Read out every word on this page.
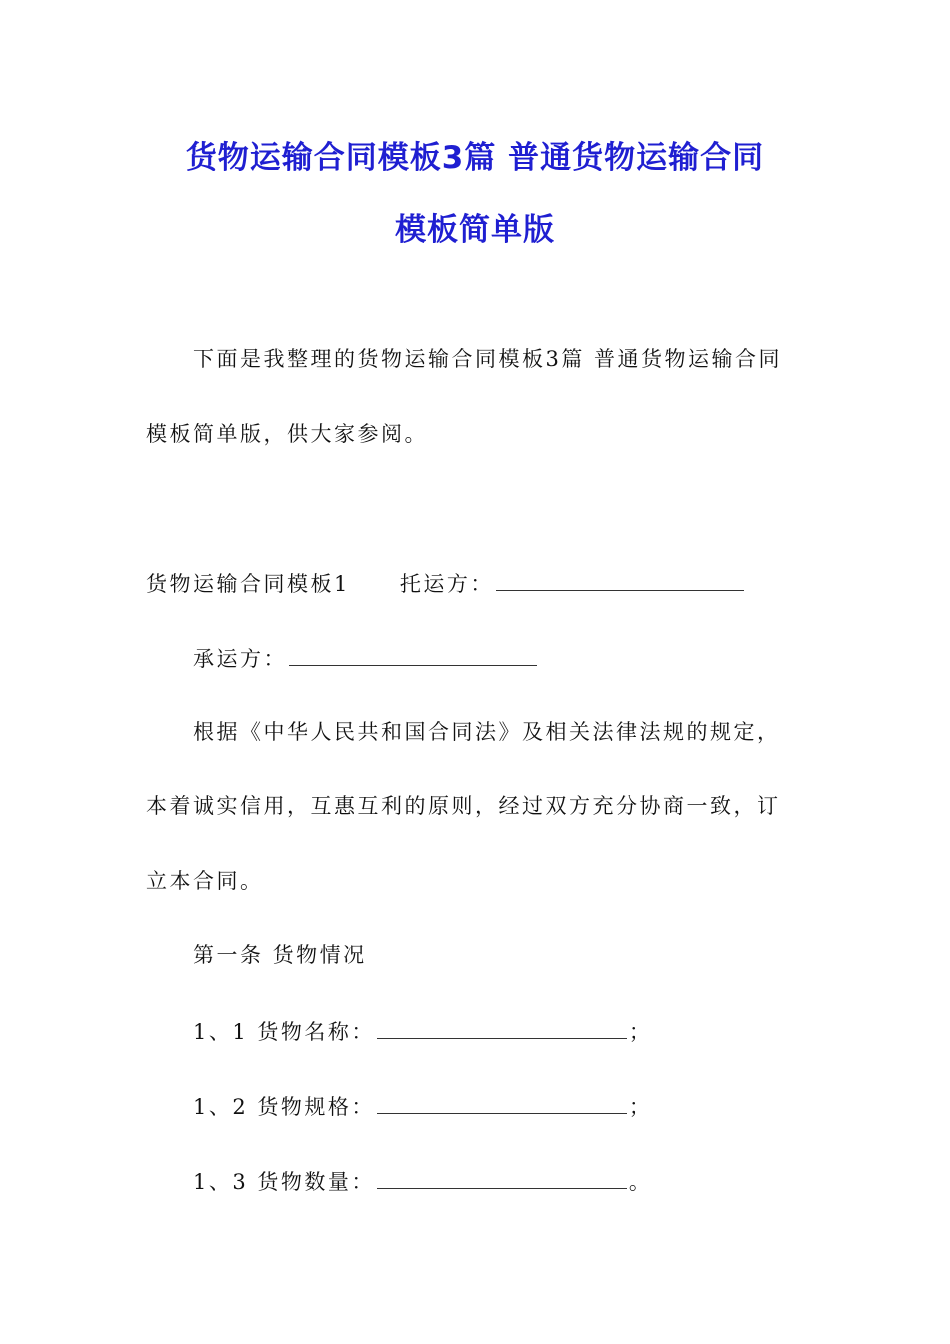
货物运输合同模板3篇 普通货物运输合同
模板简单版
下面是我整理的货物运输合同模板3篇 普通货物运输合同
模板简单版，供大家参阅。
货物运输合同模板1 托运方：
承运方：
根据《中华人民共和国合同法》及相关法律法规的规定，
本着诚实信用，互惠互利的原则，经过双方充分协商一致，订
立本合同。
第一条 货物情况
1、1 货物名称：	；
1、2 货物规格：	；
1、3 货物数量：	。
